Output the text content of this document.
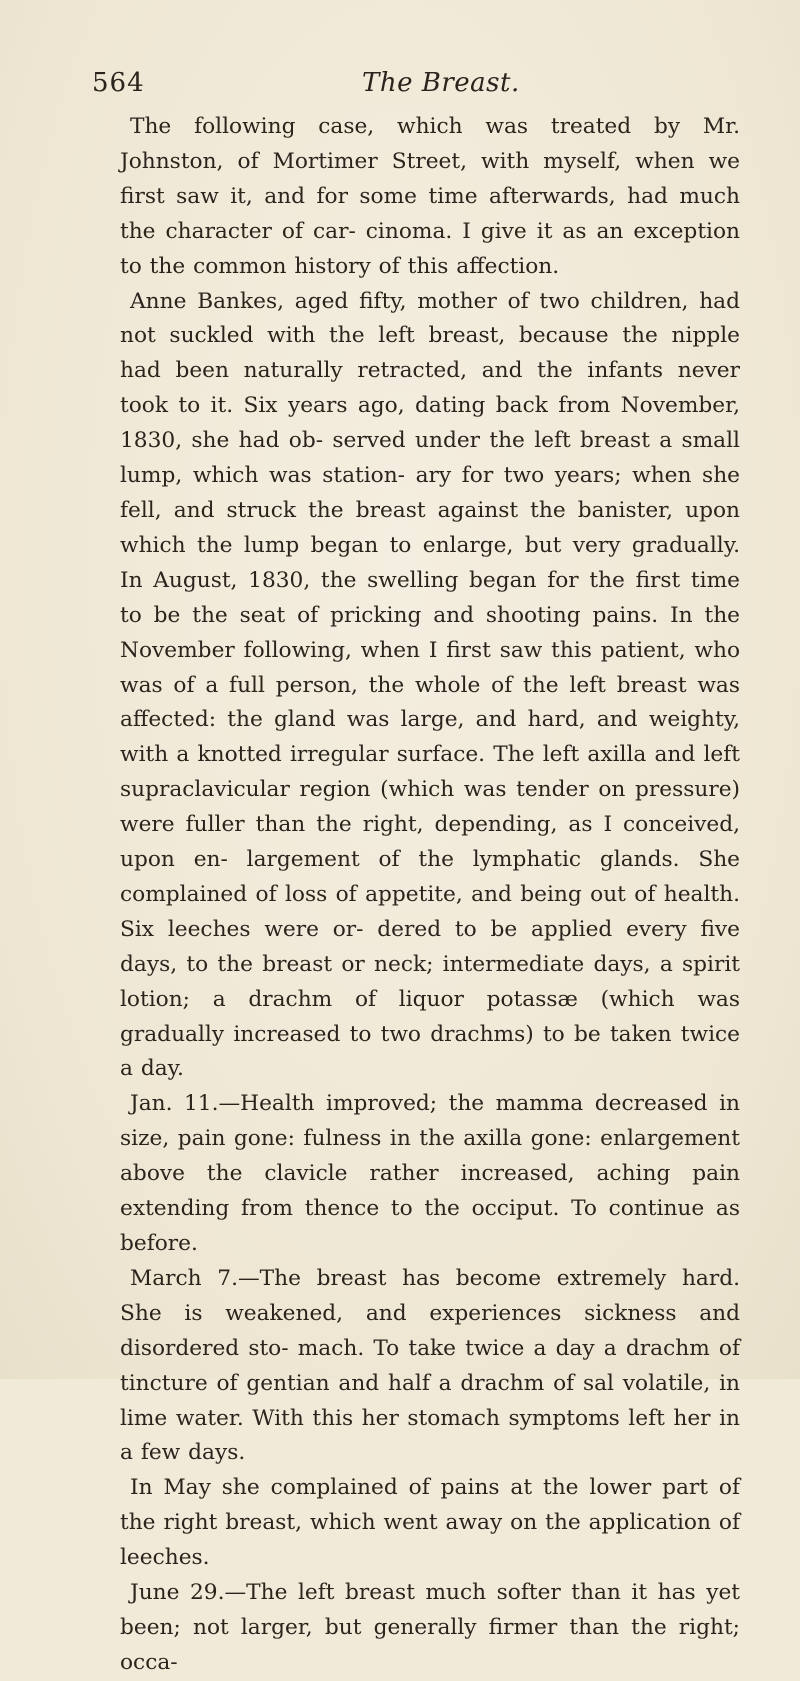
564	The Breast.

The following case, which was treated by Mr. Johnston, of Mortimer Street, with myself, when we first saw it, and for some time afterwards, had much the character of car- cinoma. I give it as an exception to the common history of this affection.

Anne Bankes, aged fifty, mother of two children, had not suckled with the left breast, because the nipple had been naturally retracted, and the infants never took to it. Six years ago, dating back from November, 1830, she had ob- served under the left breast a small lump, which was station- ary for two years; when she fell, and struck the breast against the banister, upon which the lump began to enlarge, but very gradually. In August, 1830, the swelling began for the first time to be the seat of pricking and shooting pains. In the November following, when I first saw this patient, who was of a full person, the whole of the left breast was affected: the gland was large, and hard, and weighty, with a knotted irregular surface. The left axilla and left supraclavicular region (which was tender on pressure) were fuller than the right, depending, as I conceived, upon en- largement of the lymphatic glands. She complained of loss of appetite, and being out of health. Six leeches were or- dered to be applied every five days, to the breast or neck; intermediate days, a spirit lotion; a drachm of liquor potassæ (which was gradually increased to two drachms) to be taken twice a day.

Jan. 11.—Health improved; the mamma decreased in size, pain gone: fulness in the axilla gone: enlargement above the clavicle rather increased, aching pain extending from thence to the occiput. To continue as before.

March 7.—The breast has become extremely hard. She is weakened, and experiences sickness and disordered sto- mach. To take twice a day a drachm of tincture of gentian and half a drachm of sal volatile, in lime water. With this her stomach symptoms left her in a few days.

In May she complained of pains at the lower part of the right breast, which went away on the application of leeches.

June 29.—The left breast much softer than it has yet been; not larger, but generally firmer than the right; occa-
